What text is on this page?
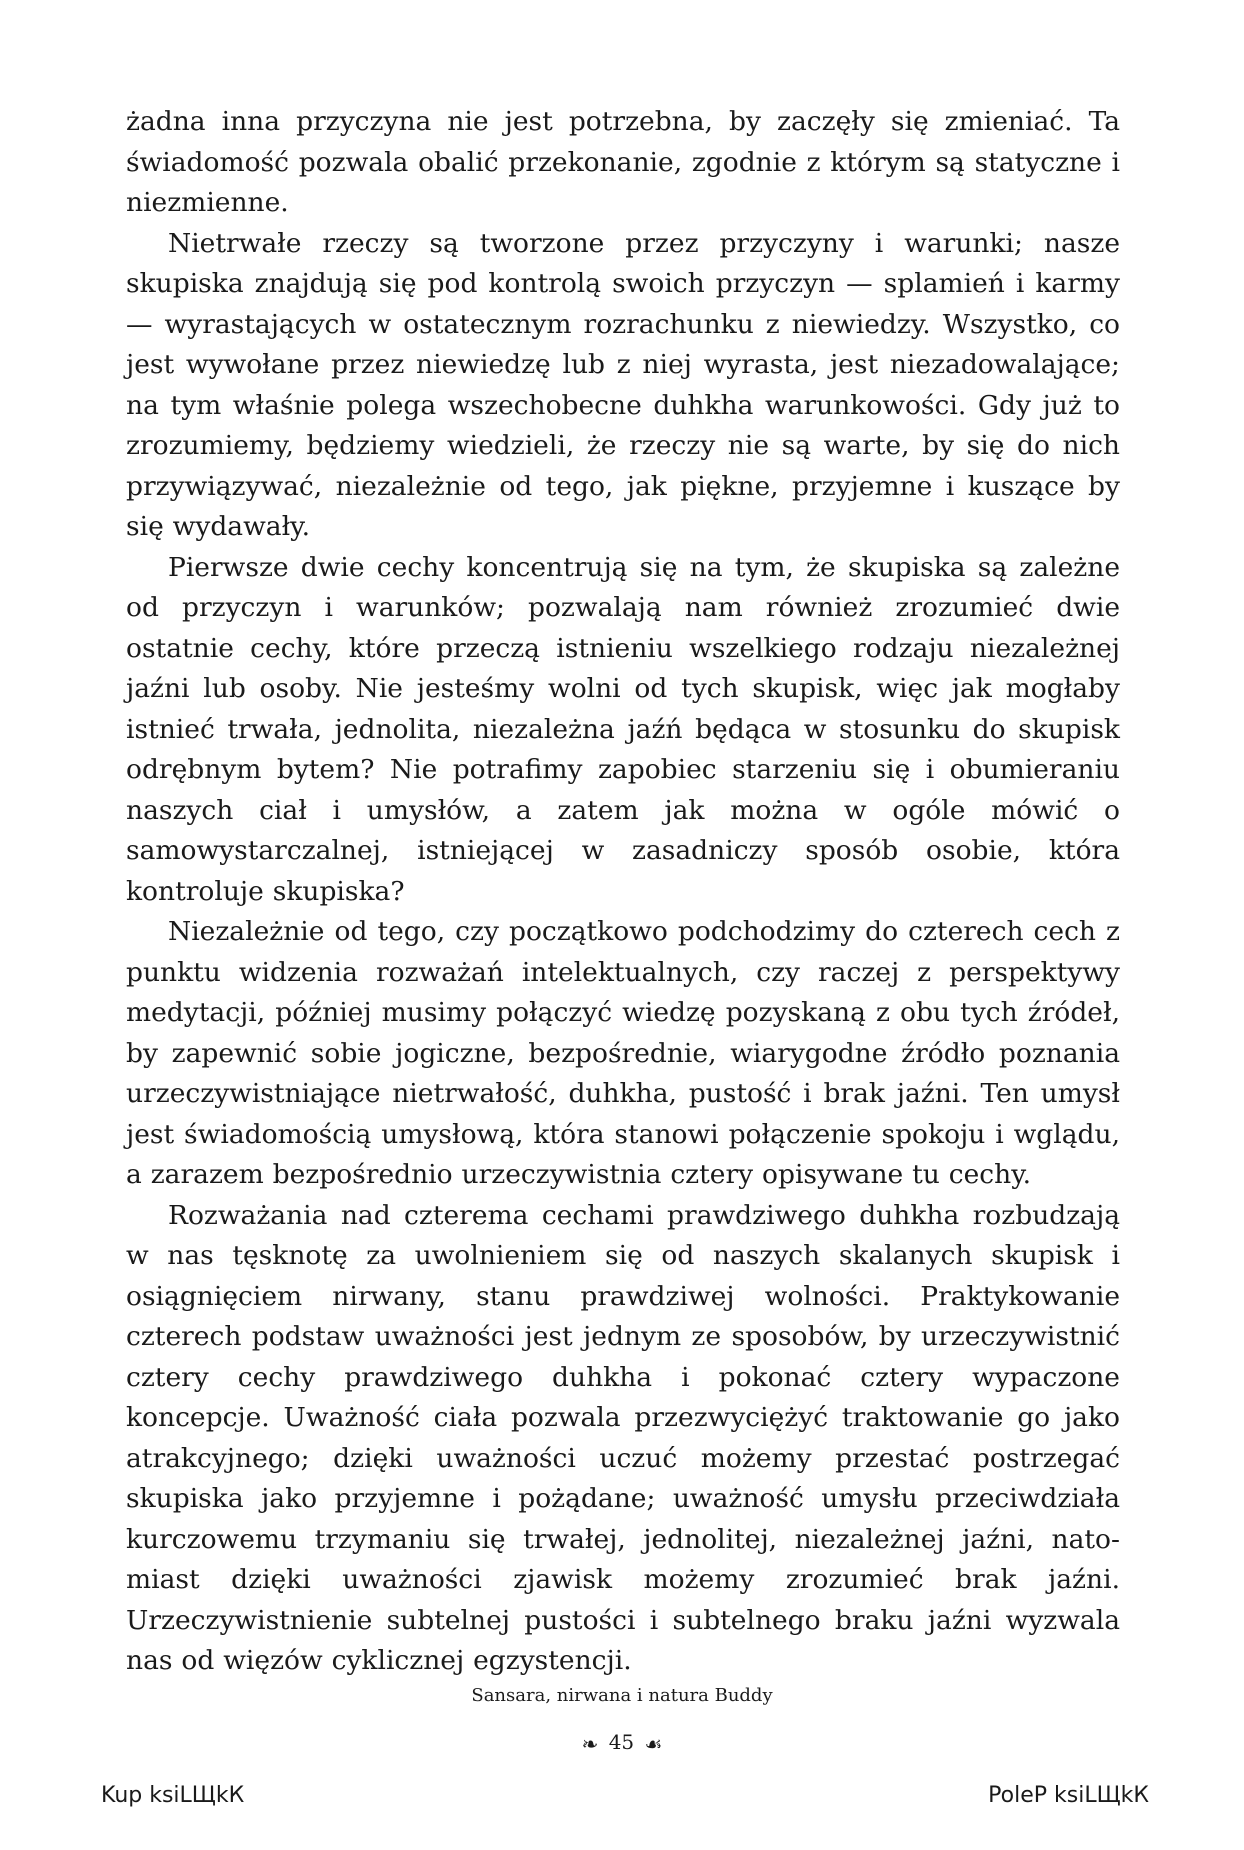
żadna inna przyczyna nie jest potrzebna, by zaczęły się zmieniać. Ta świadomość pozwala obalić przekonanie, zgodnie z którym są statyczne i niezmienne.

Nietrwałe rzeczy są tworzone przez przyczyny i warunki; nasze skupiska znajdują się pod kontrolą swoich przyczyn — splamień i karmy — wyrastających w ostatecznym rozrachunku z niewiedzy. Wszystko, co jest wywołane przez niewiedzę lub z niej wyrasta, jest niezadowalające; na tym właśnie polega wszechobecne duhkha warunkowości. Gdy już to zrozumiemy, będziemy wiedzieli, że rzeczy nie są warte, by się do nich przywiązywać, niezależnie od tego, jak piękne, przyjemne i kuszące by się wydawały.

Pierwsze dwie cechy koncentrują się na tym, że skupiska są zależne od przyczyn i warunków; pozwalają nam również zrozumieć dwie ostatnie cechy, które przeczą istnieniu wszelkiego rodzaju niezależnej jaźni lub osoby. Nie jesteśmy wolni od tych skupisk, więc jak mogłaby istnieć trwała, jednolita, niezależna jaźń będąca w stosunku do skupisk odrębnym bytem? Nie potrafimy zapobiec starzeniu się i obumieraniu naszych ciał i umysłów, a zatem jak można w ogóle mówić o samowystarczalnej, istniejącej w zasadniczy sposób osobie, która kontroluje skupiska?

Niezależnie od tego, czy początkowo podchodzimy do czterech cech z punktu widzenia rozważań intelektualnych, czy raczej z perspektywy medytacji, później musimy połączyć wiedzę pozyskaną z obu tych źródeł, by zapewnić sobie jogiczne, bezpośrednie, wiarygodne źródło poznania urzeczywistniające nietrwałość, duhkha, pustość i brak jaźni. Ten umysł jest świadomością umysłową, która stanowi połączenie spokoju i wglądu, a zarazem bezpośrednio urzeczywistnia cztery opisywane tu cechy.

Rozważania nad czterema cechami prawdziwego duhkha rozbudzają w nas tęsknotę za uwolnieniem się od naszych skalanych skupisk i osiągnięciem nirwany, stanu prawdziwej wolności. Praktykowanie czterech podstaw uważności jest jednym ze sposobów, by urzeczywistnić cztery cechy prawdziwego duhkha i pokonać cztery wypaczone koncepcje. Uważność ciała pozwala przezwyciężyć traktowanie go jako atrakcyjnego; dzięki uważności uczuć możemy przestać postrzegać skupiska jako przyjemne i pożądane; uważność umysłu przeciwdziała kurczowemu trzymaniu się trwałej, jednolitej, niezależnej jaźni, natomiast dzięki uważności zjawisk możemy zrozumieć brak jaźni. Urzeczywistnienie subtelnej pustości i subtelnego braku jaźni wyzwala nas od więzów cyklicznej egzystencji.

Sansara, nirwana i natura Buddy
❧ 45 ☙
Kup ksiLЩkК	PoleР ksiLЩkК
